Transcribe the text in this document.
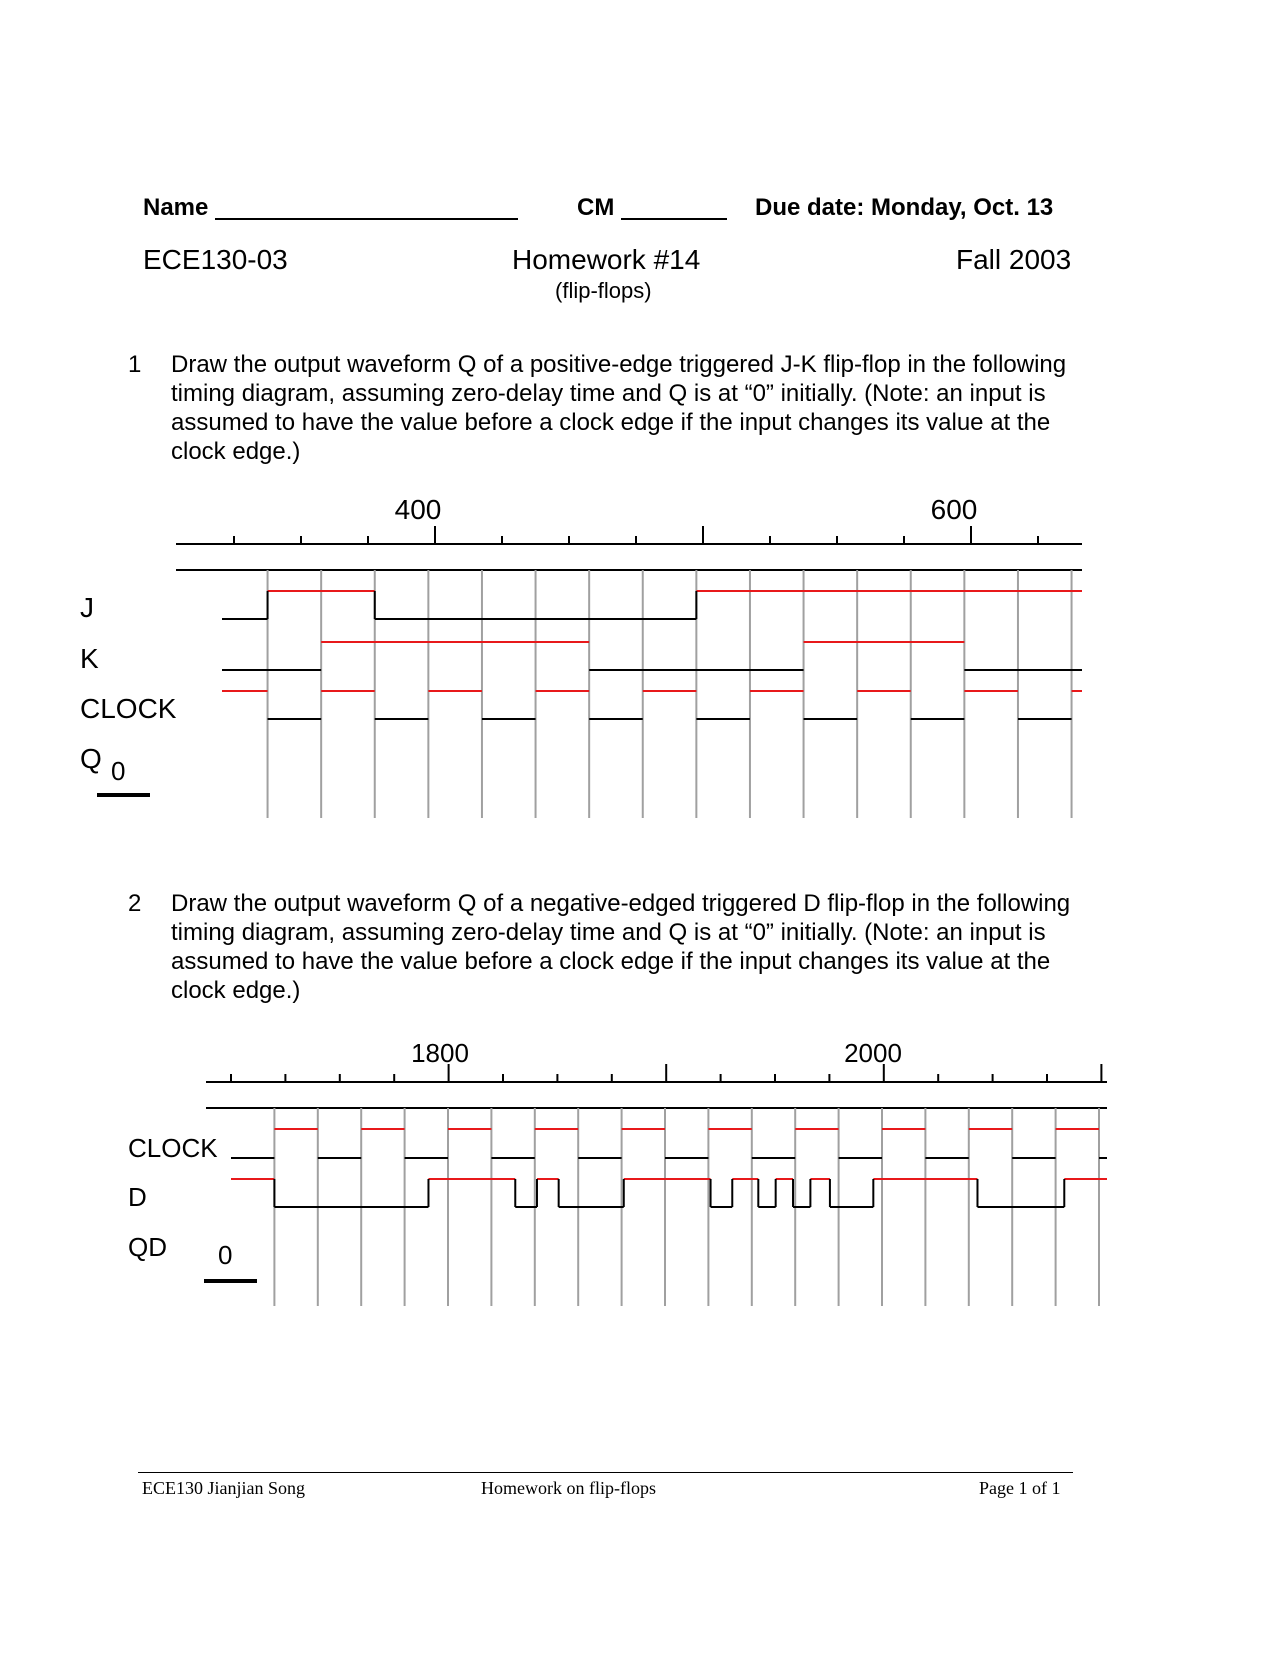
Name	CM	Due date: Monday, Oct. 13
ECE130-03	Homework #14
(flip-flops)
Fall 2003
1 Draw the output waveform Q of a positive-edge triggered J-K flip-flop in the following timing diagram, assuming zero-delay time and Q is at “0” initially. (Note: an input is assumed to have the value before a clock edge if the input changes its value at the clock edge.)
400	600
J
K
CLOCK
Q 0
2 Draw the output waveform Q of a negative-edged triggered D flip-flop in the following timing diagram, assuming zero-delay time and Q is at “0” initially. (Note: an input is assumed to have the value before a clock edge if the input changes its value at the clock edge.)
1800	2000
CLOCK
D
QD 0
ECE130 Jianjian Song	Homework on flip-flops	Page 1 of 1
